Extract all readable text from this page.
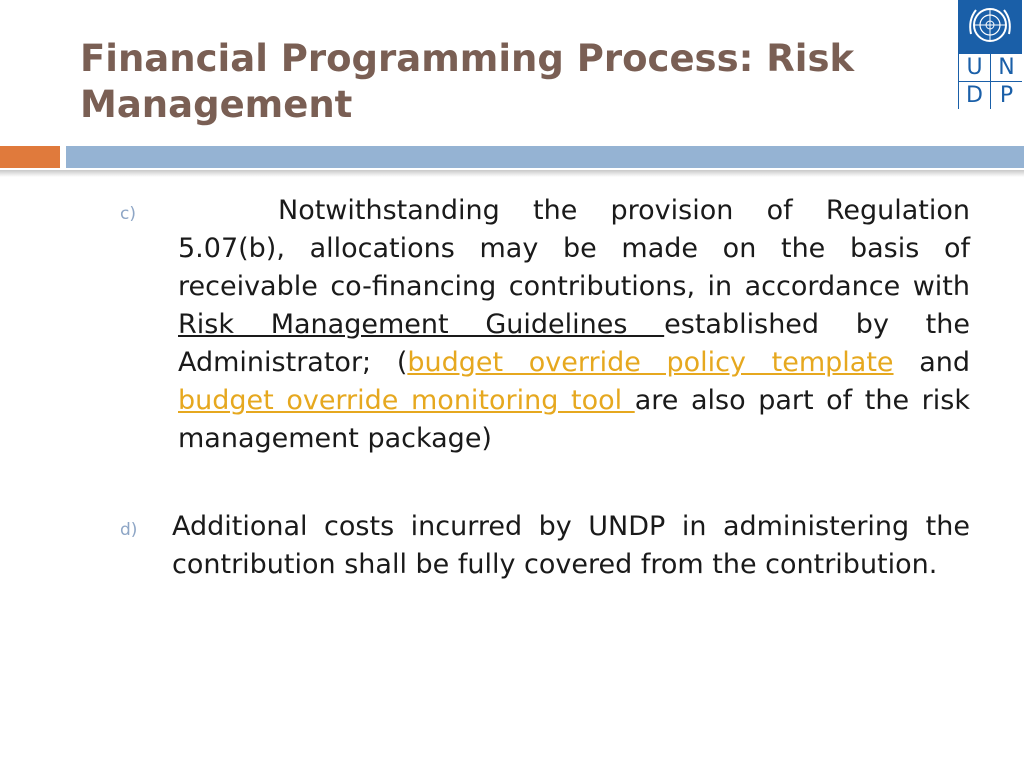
Financial Programming Process: Risk Management
U N
D P
c)	Notwithstanding the provision of Regulation 5.07(b), allocations may be made on the basis of receivable co-financing contributions, in accordance with Risk Management Guidelines established by the Administrator; (budget override policy template and budget override monitoring tool are also part of the risk management package)
d) Additional costs incurred by UNDP in administering the contribution shall be fully covered from the contribution.
